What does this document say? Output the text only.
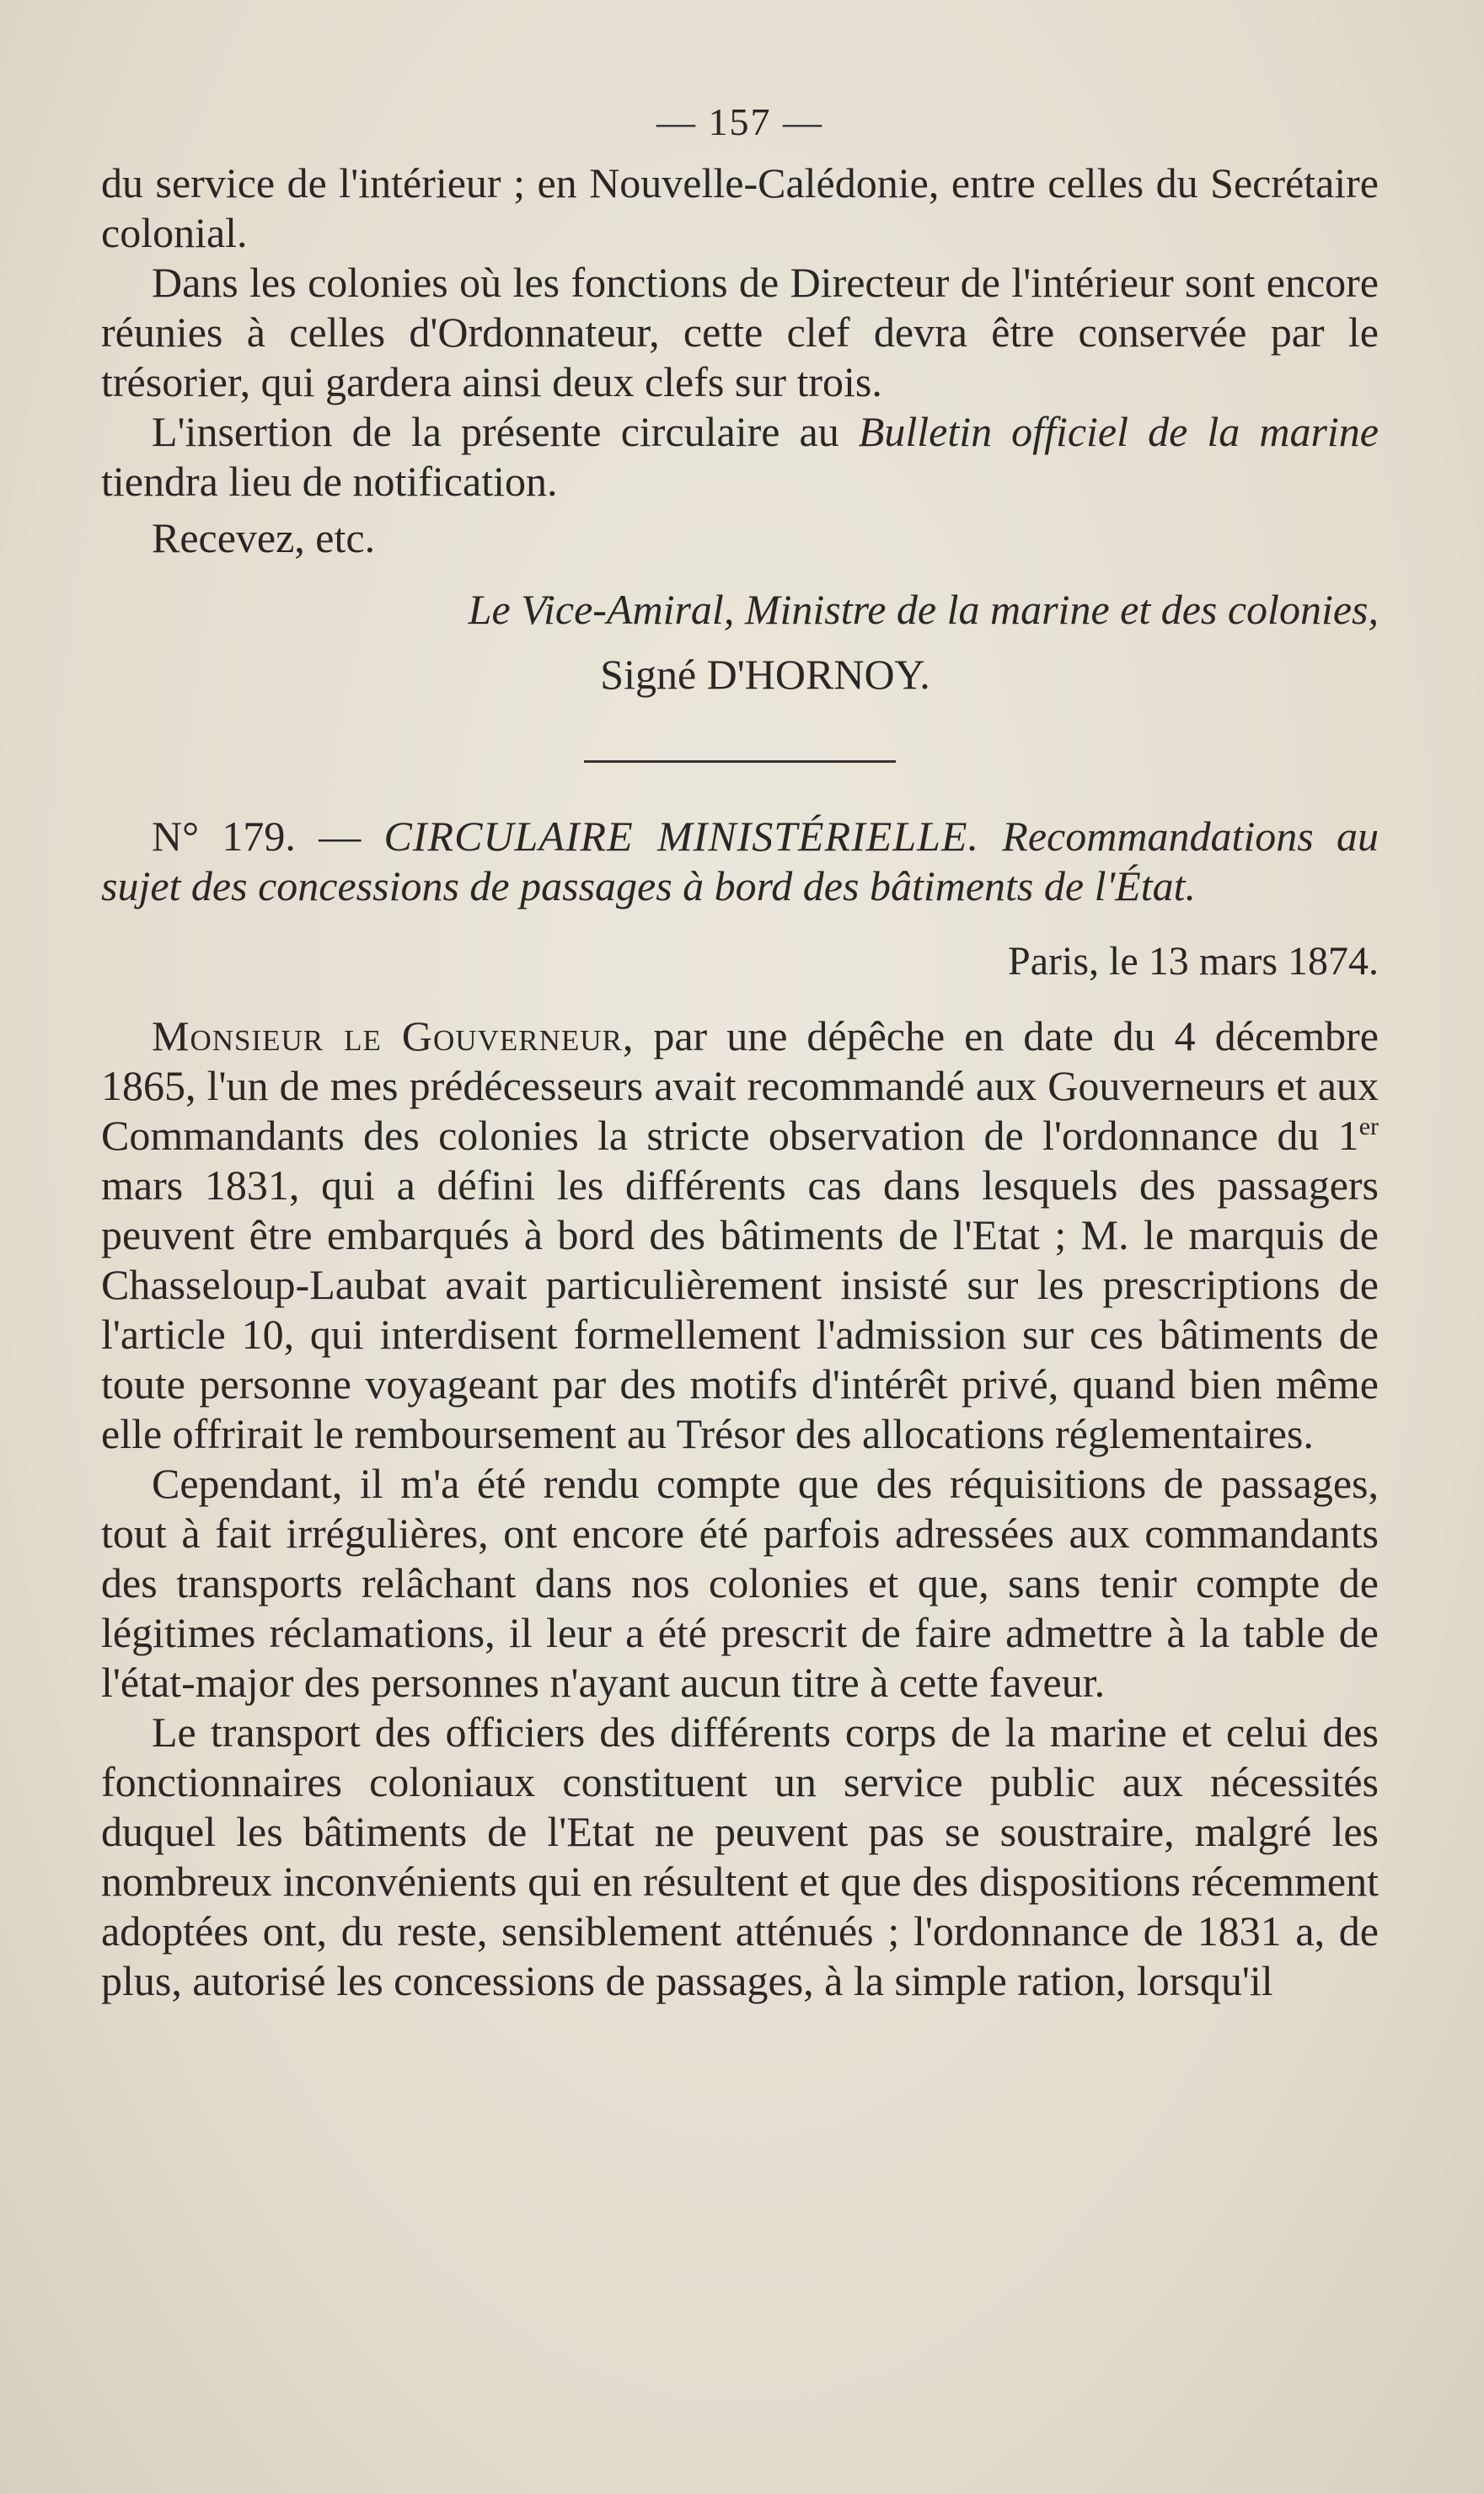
— 157 —

du service de l'intérieur ; en Nouvelle-Calédonie, entre celles du Secrétaire colonial.

Dans les colonies où les fonctions de Directeur de l'intérieur sont encore réunies à celles d'Ordonnateur, cette clef devra être conservée par le trésorier, qui gardera ainsi deux clefs sur trois.

L'insertion de la présente circulaire au Bulletin officiel de la marine tiendra lieu de notification.

Recevez, etc.

Le Vice-Amiral, Ministre de la marine et des colonies,

Signé D'HORNOY.

N° 179. — CIRCULAIRE MINISTÉRIELLE. Recommandations au sujet des concessions de passages à bord des bâtiments de l'État.

Paris, le 13 mars 1874.

Monsieur le Gouverneur, par une dépêche en date du 4 décembre 1865, l'un de mes prédécesseurs avait recommandé aux Gouverneurs et aux Commandants des colonies la stricte observation de l'ordonnance du 1er mars 1831, qui a défini les différents cas dans lesquels des passagers peuvent être embarqués à bord des bâtiments de l'Etat ; M. le marquis de Chasseloup-Laubat avait particulièrement insisté sur les prescriptions de l'article 10, qui interdisent formellement l'admission sur ces bâtiments de toute personne voyageant par des motifs d'intérêt privé, quand bien même elle offrirait le remboursement au Trésor des allocations réglementaires.

Cependant, il m'a été rendu compte que des réquisitions de passages, tout à fait irrégulières, ont encore été parfois adressées aux commandants des transports relâchant dans nos colonies et que, sans tenir compte de légitimes réclamations, il leur a été prescrit de faire admettre à la table de l'état-major des personnes n'ayant aucun titre à cette faveur.

Le transport des officiers des différents corps de la marine et celui des fonctionnaires coloniaux constituent un service public aux nécessités duquel les bâtiments de l'Etat ne peuvent pas se soustraire, malgré les nombreux inconvénients qui en résultent et que des dispositions récemment adoptées ont, du reste, sensiblement atténués ; l'ordonnance de 1831 a, de plus, autorisé les concessions de passages, à la simple ration, lorsqu'il
